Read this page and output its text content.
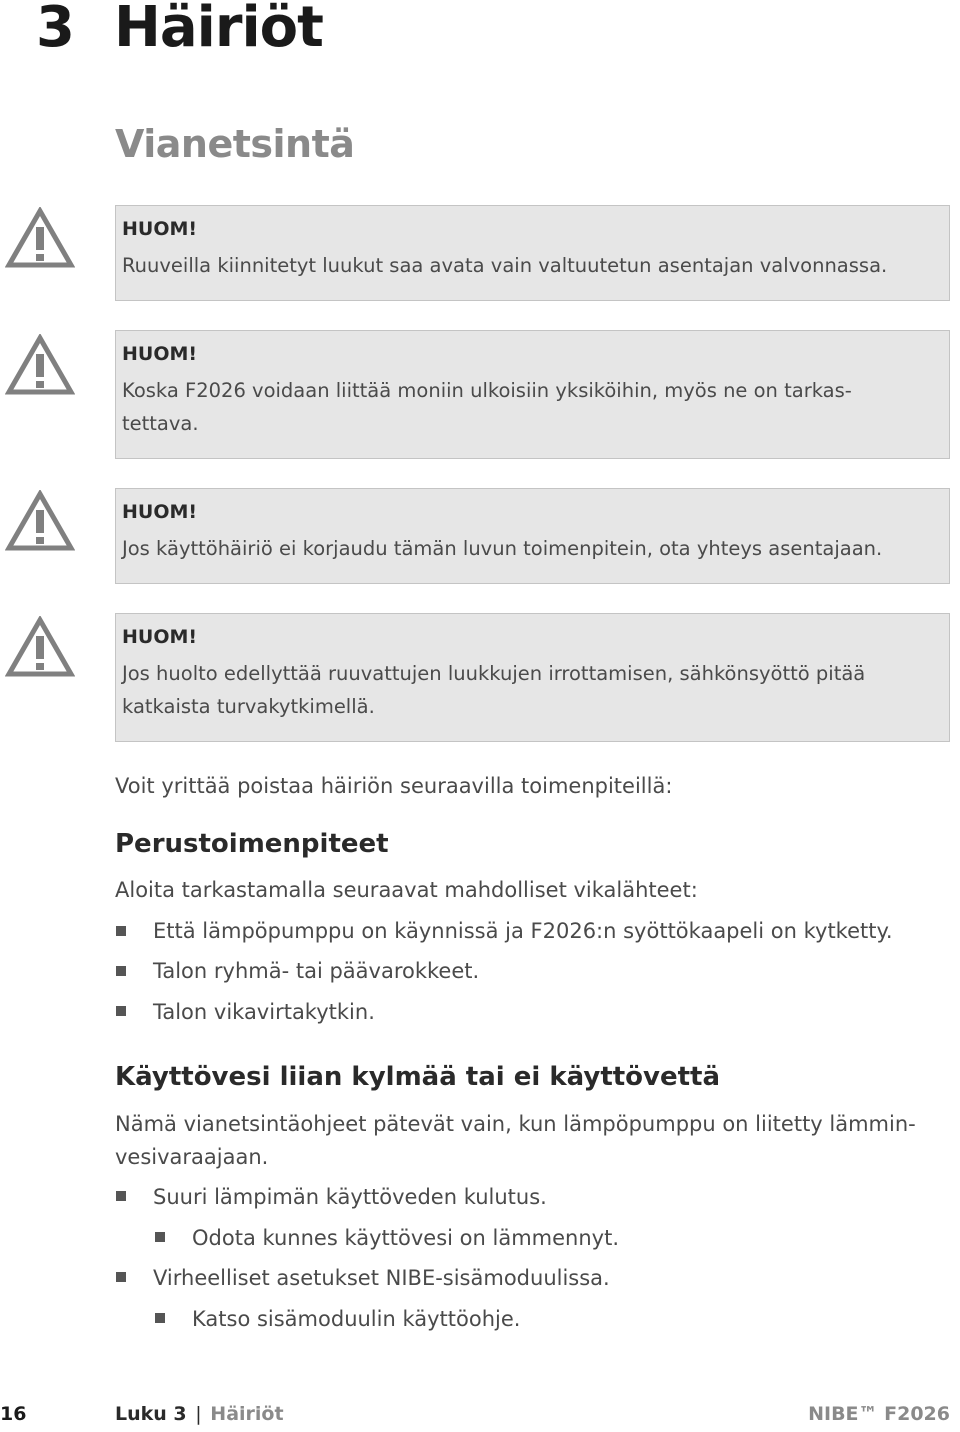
3 Häiriöt
Vianetsintä

HUOM!

Ruuveilla kiinnitetyt luukut saa avata vain valtuutetun asentajan valvonnassa.

HUOM!

Koska F2026 voidaan liittää moniin ulkoisiin yksiköihin, myös ne on tarkas-

tettava.

HUOM!

Jos käyttöhäiriö ei korjaudu tämän luvun toimenpitein, ota yhteys asentajaan.

HUOM!

Jos huolto edellyttää ruuvattujen luukkujen irrottamisen, sähkönsyöttö pitää

katkaista turvakytkimellä.

Voit yrittää poistaa häiriön seuraavilla toimenpiteillä:

Perustoimenpiteet

Aloita tarkastamalla seuraavat mahdolliset vikalähteet:

Että lämpöpumppu on käynnissä ja F2026:n syöttökaapeli on kytketty.

Talon ryhmä- tai päävarokkeet.

Talon vikavirtakytkin.

Käyttövesi liian kylmää tai ei käyttövettä

Nämä vianetsintäohjeet pätevät vain, kun lämpöpumppu on liitetty lämmin-

vesivaraajaan.

Suuri lämpimän käyttöveden kulutus.

Odota kunnes käyttövesi on lämmennyt.

Virheelliset asetukset NIBE-sisämoduulissa.

Katso sisämoduulin käyttöohje.

16	Luku 3 | Häiriöt	NIBE™ F2026
